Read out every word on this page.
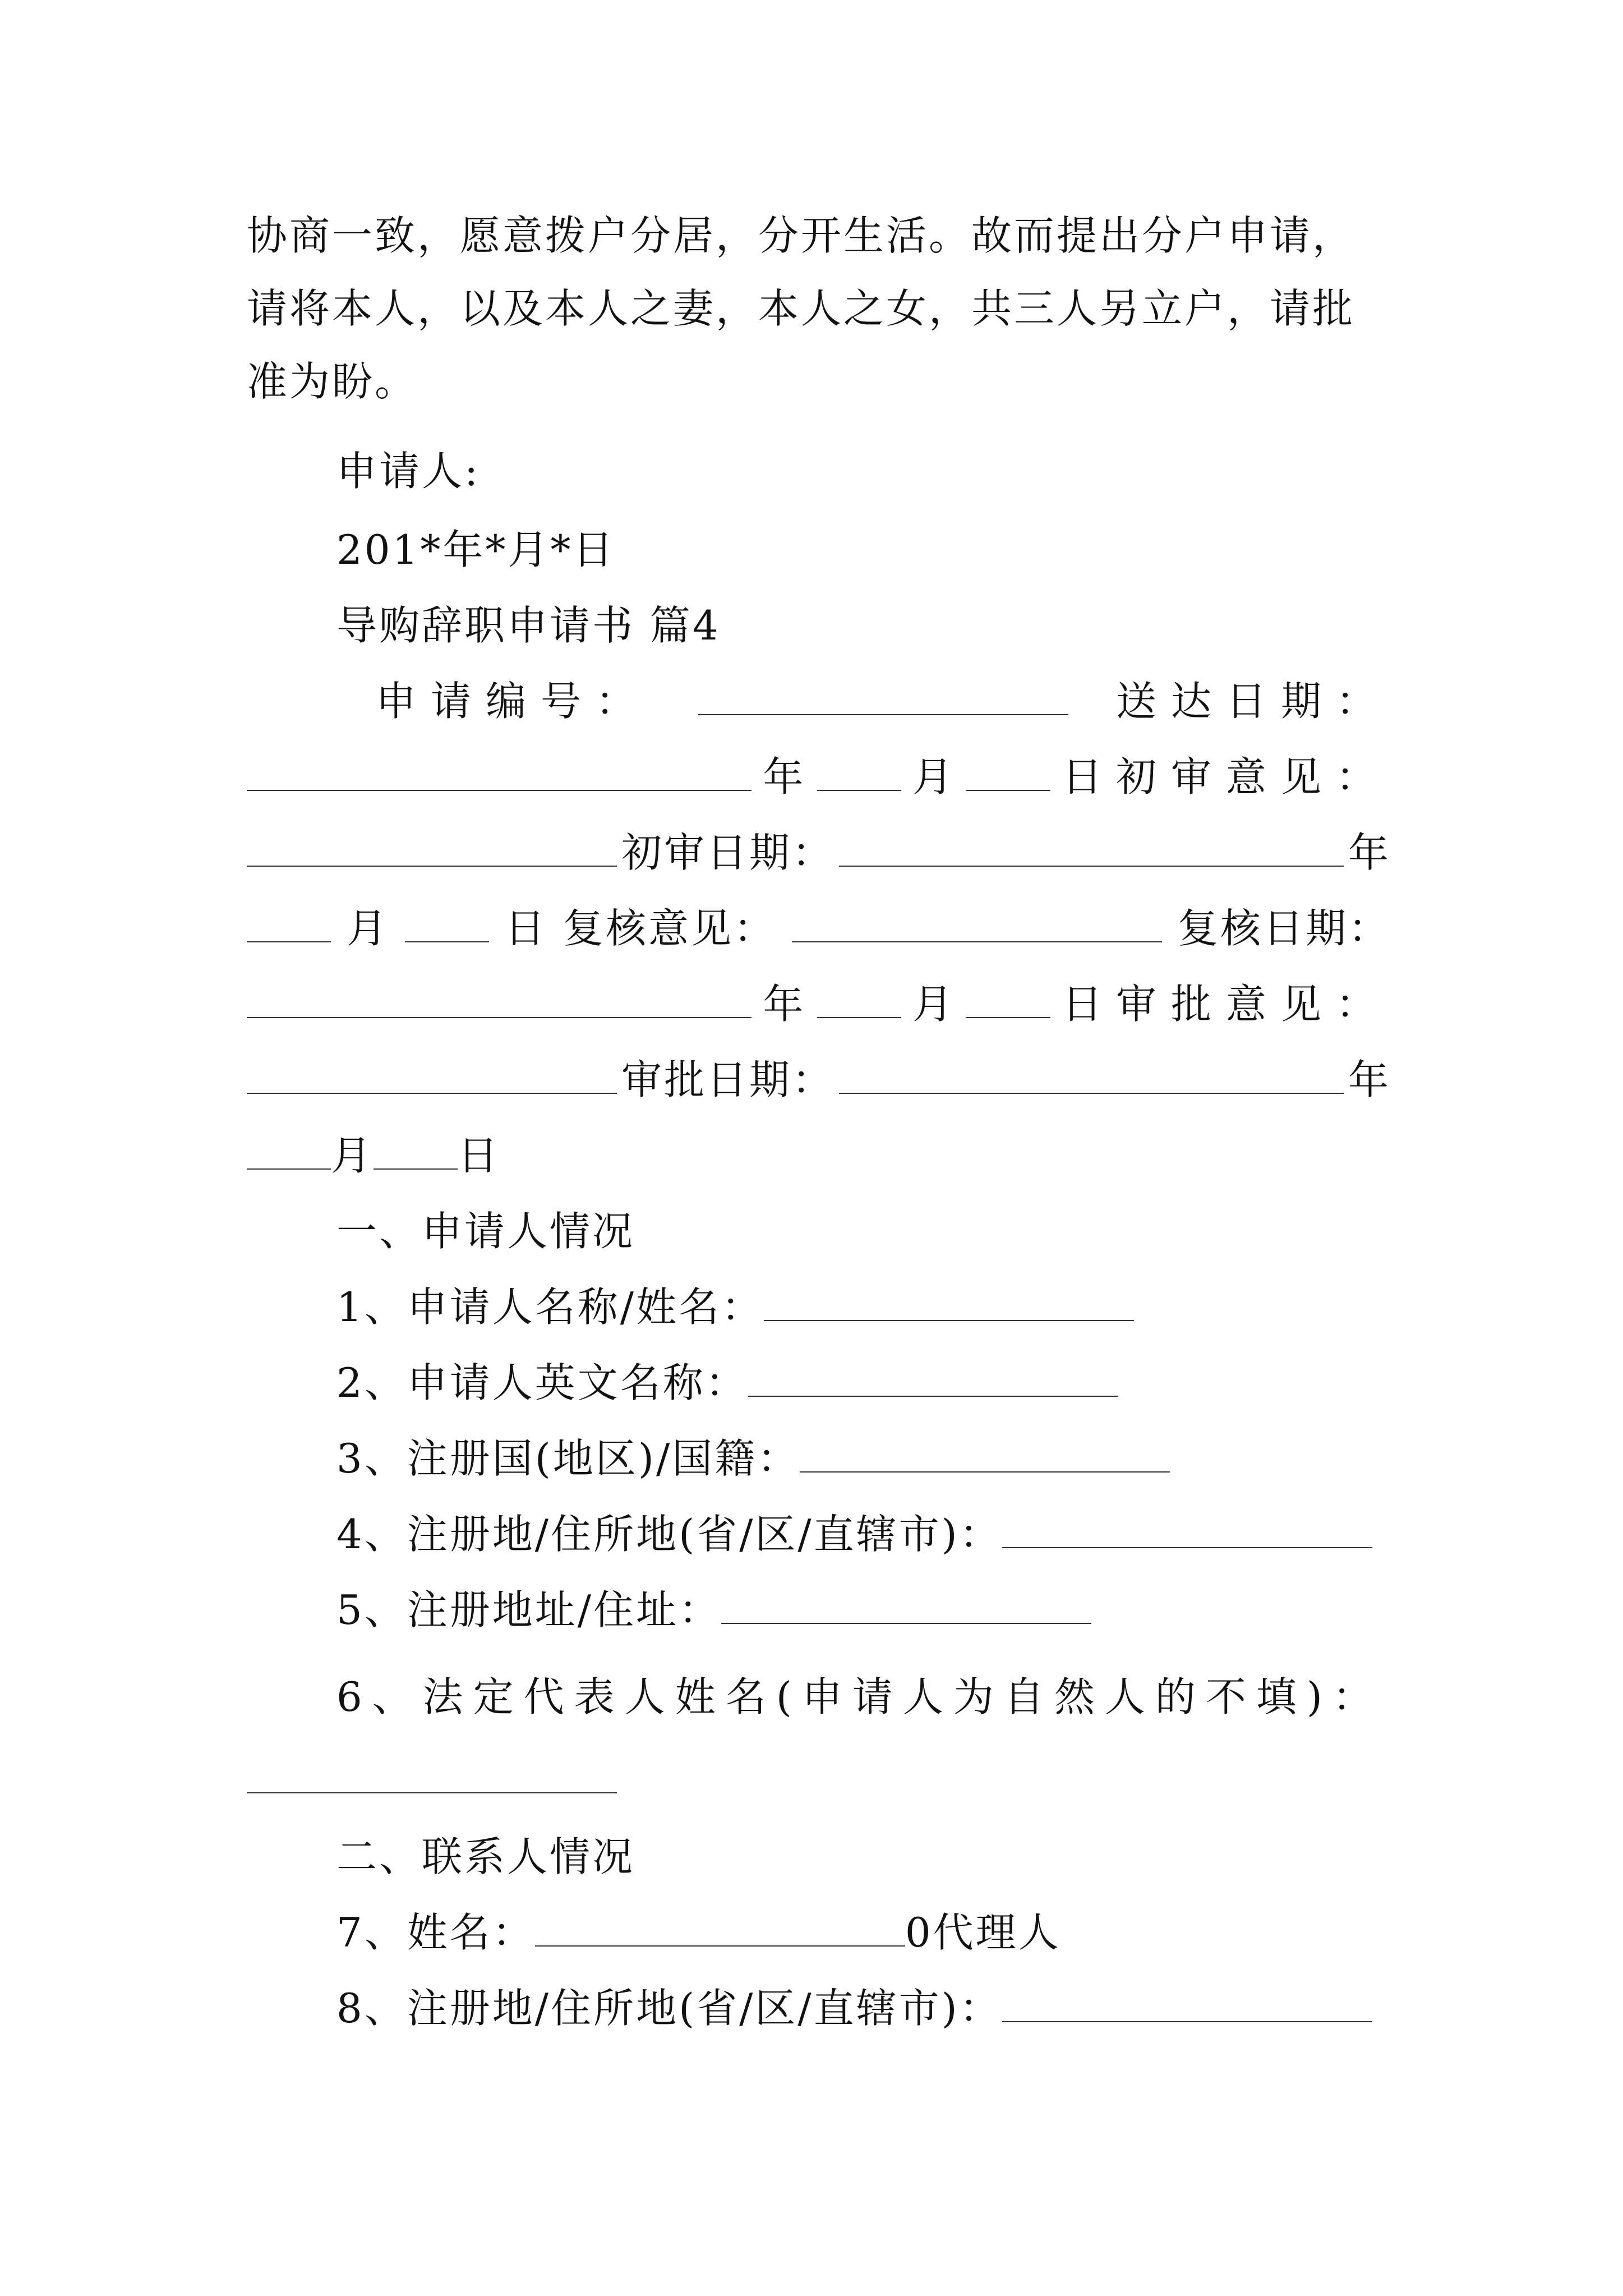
协商一致，愿意拨户分居，分开生活。故而提出分户申请，
请将本人，以及本人之妻，本人之女，共三人另立户，请批
准为盼。
申请人:
201*年*月*日
导购辞职申请书 篇4
申请编号：	送达日期：
年	月	日 初审意见：
初审日期：	年
月	日 复核意见：	复核日期：
年	月	日 审批意见：
审批日期：	年
月 日
一、申请人情况
1、申请人名称/姓名：
2、申请人英文名称：
3、注册国(地区)/国籍：
4、注册地/住所地(省/区/直辖市)：
5、注册地址/住址：
6、法定代表人姓名(申请人为自然人的不填)：
二、联系人情况
7、姓名：	0代理人
8、注册地/住所地(省/区/直辖市)：
